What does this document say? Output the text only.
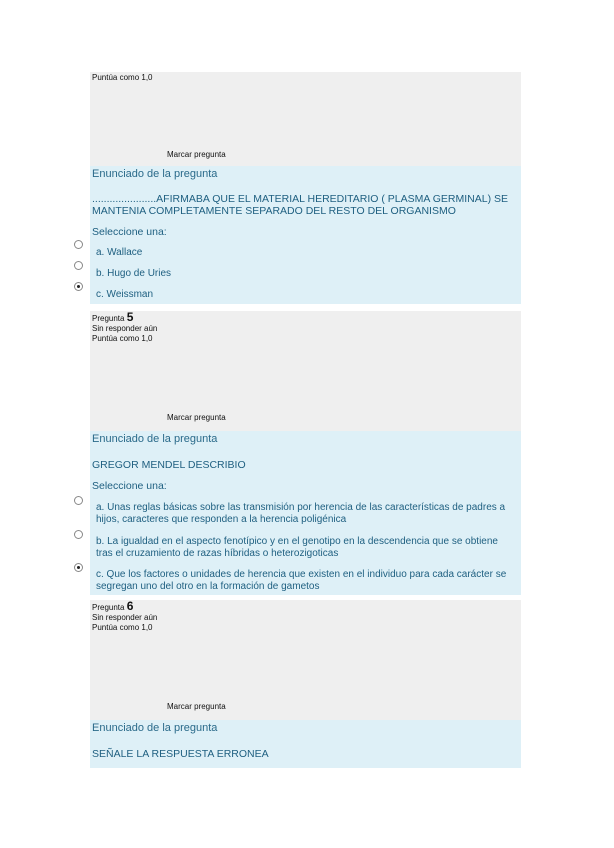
Puntúa como 1,0
Marcar pregunta
Enunciado de la pregunta
......................AFIRMABA QUE EL MATERIAL HEREDITARIO ( PLASMA GERMINAL) SE MANTENIA COMPLETAMENTE SEPARADO DEL RESTO DEL ORGANISMO
Seleccione una:
a. Wallace
b. Hugo de Uries
c. Weissman
Pregunta 5
Sin responder aún
Puntúa como 1,0
Marcar pregunta
Enunciado de la pregunta
GREGOR MENDEL DESCRIBIO
Seleccione una:
a. Unas reglas básicas sobre las transmisión por herencia de las características de padres a hijos, caracteres que responden a la herencia poligénica
b. La igualdad en el aspecto fenotípico y en el genotipo en la descendencia que se obtiene tras el cruzamiento de razas híbridas o heterozigoticas
c. Que los factores o unidades de herencia que existen en el individuo para cada carácter se segregan uno del otro en la formación de gametos
Pregunta 6
Sin responder aún
Puntúa como 1,0
Marcar pregunta
Enunciado de la pregunta
SEÑALE LA RESPUESTA ERRONEA
